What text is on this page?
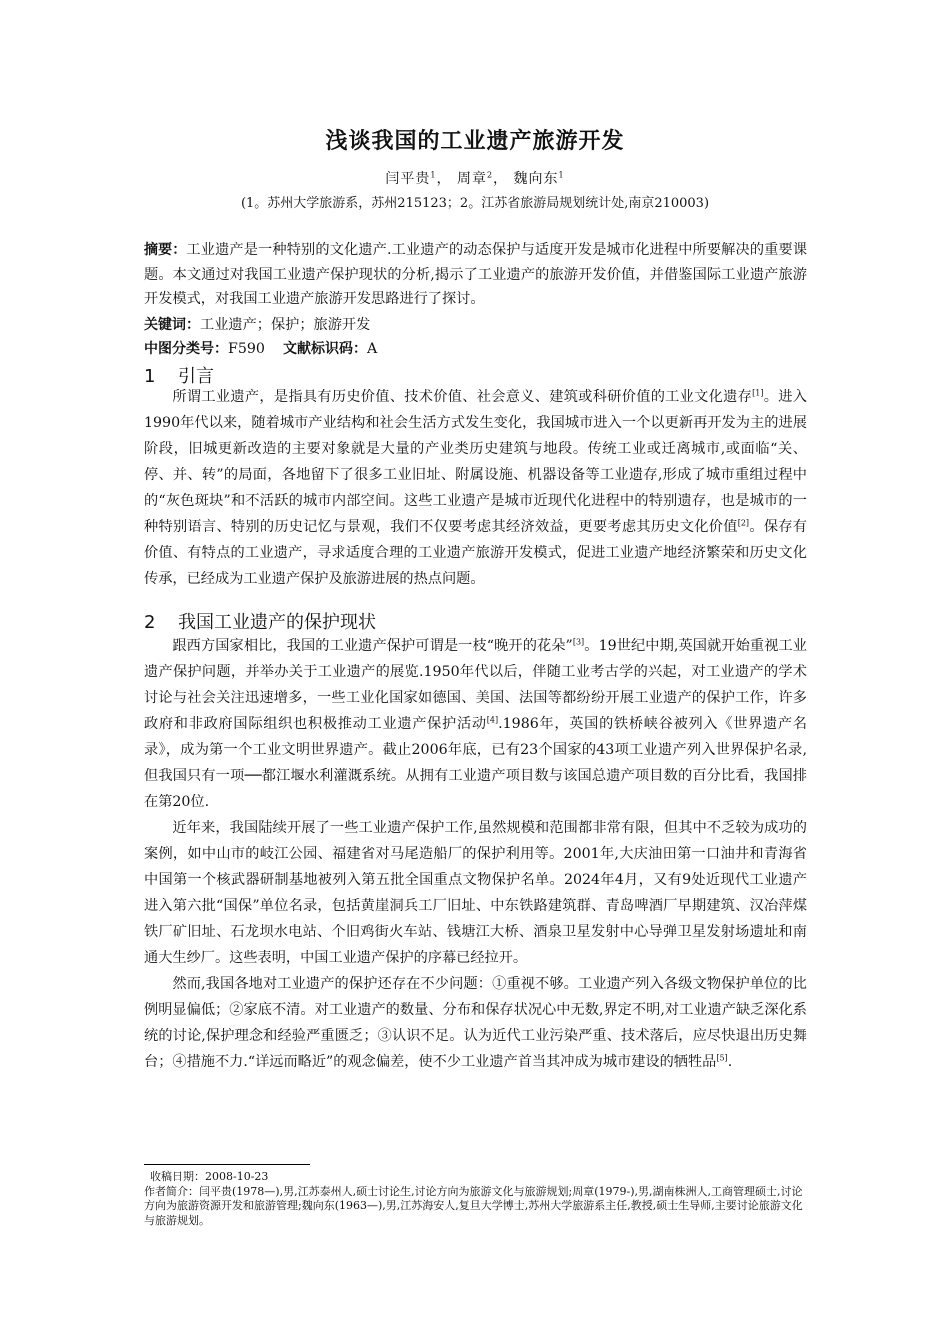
浅谈我国的工业遗产旅游开发
闫平贵$^1$， 周章$^2$， 魏向东$^1$
(1。苏州大学旅游系，苏州215123；2。江苏省旅游局规划统计处,南京210003)
摘要：工业遗产是一种特别的文化遗产.工业遗产的动态保护与适度开发是城市化进程中所要解决的重要课题。本文通过对我国工业遗产保护现状的分析,揭示了工业遗产的旅游开发价值，并借鉴国际工业遗产旅游开发模式，对我国工业遗产旅游开发思路进行了探讨。
关键词：工业遗产；保护；旅游开发
中图分类号：F590 文献标识码：A
1 引言

所谓工业遗产，是指具有历史价值、技术价值、社会意义、建筑或科研价值的工业文化遗存[1]。进入1990年代以来，随着城市产业结构和社会生活方式发生变化，我国城市进入一个以更新再开发为主的进展阶段，旧城更新改造的主要对象就是大量的产业类历史建筑与地段。传统工业或迁离城市,或面临“关、停、并、转”的局面，各地留下了很多工业旧址、附属设施、机器设备等工业遗存,形成了城市重组过程中的“灰色斑块”和不活跃的城市内部空间。这些工业遗产是城市近现代化进程中的特别遗存，也是城市的一种特别语言、特别的历史记忆与景观，我们不仅要考虑其经济效益，更要考虑其历史文化价值[2]。保存有价值、有特点的工业遗产，寻求适度合理的工业遗产旅游开发模式，促进工业遗产地经济繁荣和历史文化传承，已经成为工业遗产保护及旅游进展的热点问题。

2 我国工业遗产的保护现状

跟西方国家相比，我国的工业遗产保护可谓是一枝“晚开的花朵”[3]。19世纪中期,英国就开始重视工业遗产保护问题，并举办关于工业遗产的展览.1950年代以后，伴随工业考古学的兴起，对工业遗产的学术讨论与社会关注迅速增多，一些工业化国家如德国、美国、法国等都纷纷开展工业遗产的保护工作，许多政府和非政府国际组织也积极推动工业遗产保护活动[4].1986年，英国的铁桥峡谷被列入《世界遗产名录》，成为第一个工业文明世界遗产。截止2006年底，已有23个国家的43项工业遗产列入世界保护名录,但我国只有一项──都江堰水利灌溉系统。从拥有工业遗产项目数与该国总遗产项目数的百分比看，我国排在第20位.

近年来，我国陆续开展了一些工业遗产保护工作,虽然规模和范围都非常有限，但其中不乏较为成功的案例，如中山市的岐江公园、福建省对马尾造船厂的保护利用等。2001年,大庆油田第一口油井和青海省中国第一个核武器研制基地被列入第五批全国重点文物保护名单。2024年4月，又有9处近现代工业遗产进入第六批“国保”单位名录，包括黄崖洞兵工厂旧址、中东铁路建筑群、青岛啤酒厂早期建筑、汉冶萍煤铁厂矿旧址、石龙坝水电站、个旧鸡街火车站、钱塘江大桥、酒泉卫星发射中心导弹卫星发射场遗址和南通大生纱厂。这些表明，中国工业遗产保护的序幕已经拉开。

然而,我国各地对工业遗产的保护还存在不少问题：①重视不够。工业遗产列入各级文物保护单位的比例明显偏低；②家底不清。对工业遗产的数量、分布和保存状况心中无数,界定不明,对工业遗产缺乏深化系统的讨论,保护理念和经验严重匮乏；③认识不足。认为近代工业污染严重、技术落后，应尽快退出历史舞台；④措施不力.“详远而略近”的观念偏差，使不少工业遗产首当其冲成为城市建设的牺牲品[5].

收稿日期：2008-10-23
作者简介：闫平贵(1978—),男,江苏泰州人,硕士讨论生,讨论方向为旅游文化与旅游规划;周章(1979-),男,湖南株洲人,工商管理硕士,讨论方向为旅游资源开发和旅游管理;魏向东(1963—),男,江苏海安人,复旦大学博士,苏州大学旅游系主任,教授,硕士生导师,主要讨论旅游文化与旅游规划。
